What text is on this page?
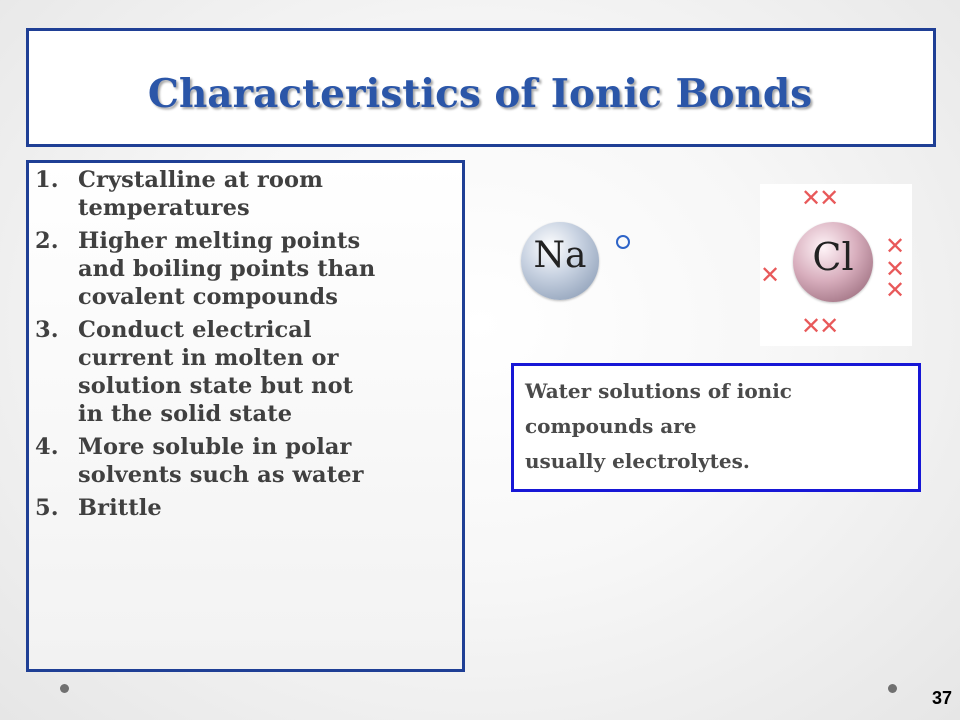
Characteristics of Ionic Bonds
1. Crystalline at room
temperatures
2. Higher melting points
and boiling points than
covalent compounds
3. Conduct electrical
current in molten or
solution state but not
in the solid state
4. More soluble in polar
solvents such as water
5. Brittle
Na	Cl
✕✕
✕✕
✕
✕
✕
✕
Water solutions of ionic
compounds are
usually electrolytes.
37
